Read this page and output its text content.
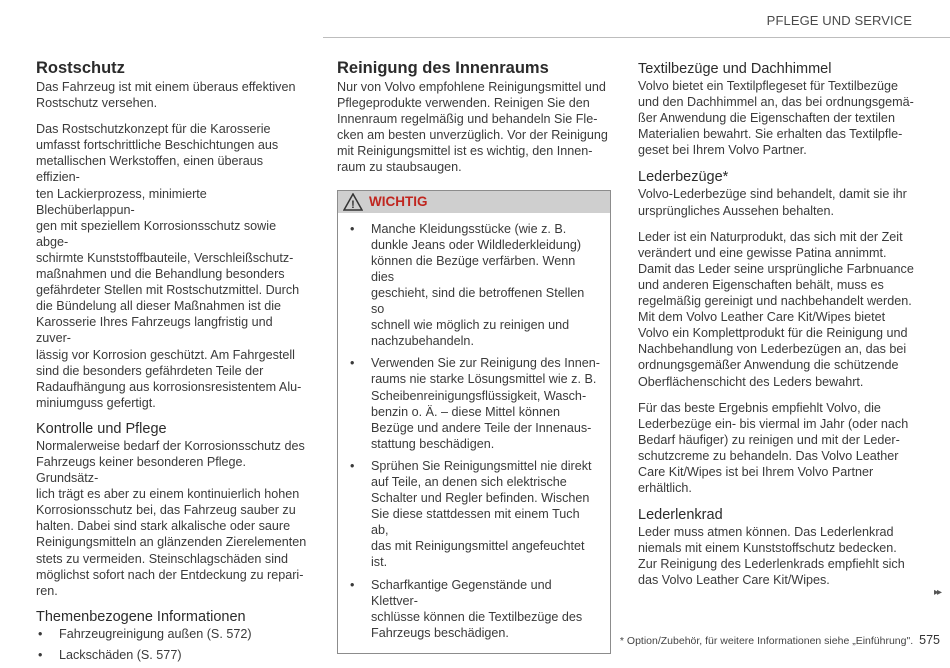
PFLEGE UND SERVICE
Rostschutz
Das Fahrzeug ist mit einem überaus effektiven
Rostschutz versehen.
Das Rostschutzkonzept für die Karosserie
umfasst fortschrittliche Beschichtungen aus
metallischen Werkstoffen, einen überaus effizien-
ten Lackierprozess, minimierte Blechüberlappun-
gen mit speziellem Korrosionsschutz sowie abge-
schirmte Kunststoffbauteile, Verschleißschutz-
maßnahmen und die Behandlung besonders
gefährdeter Stellen mit Rostschutzmittel. Durch
die Bündelung all dieser Maßnahmen ist die
Karosserie Ihres Fahrzeugs langfristig und zuver-
lässig vor Korrosion geschützt. Am Fahrgestell
sind die besonders gefährdeten Teile der
Radaufhängung aus korrosionsresistentem Alu-
miniumguss gefertigt.
Kontrolle und Pflege
Normalerweise bedarf der Korrosionsschutz des
Fahrzeugs keiner besonderen Pflege. Grundsätz-
lich trägt es aber zu einem kontinuierlich hohen
Korrosionsschutz bei, das Fahrzeug sauber zu
halten. Dabei sind stark alkalische oder saure
Reinigungsmitteln an glänzenden Zierelementen
stets zu vermeiden. Steinschlagschäden sind
möglichst sofort nach der Entdeckung zu repari-
ren.
Themenbezogene Informationen
• Fahrzeugreinigung außen (S. 572)
• Lackschäden (S. 577)
Reinigung des Innenraums
Nur von Volvo empfohlene Reinigungsmittel und
Pflegeprodukte verwenden. Reinigen Sie den
Innenraum regelmäßig und behandeln Sie Fle-
cken am besten unverzüglich. Vor der Reinigung
mit Reinigungsmittel ist es wichtig, den Innen-
raum zu staubsaugen.
! WICHTIG
• Manche Kleidungsstücke (wie z. B.
dunkle Jeans oder Wildlederkleidung)
können die Bezüge verfärben. Wenn dies
geschieht, sind die betroffenen Stellen so
schnell wie möglich zu reinigen und
nachzubehandeln.
• Verwenden Sie zur Reinigung des Innen-
raums nie starke Lösungsmittel wie z. B.
Scheibenreinigungsflüssigkeit, Wasch-
benzin o. Ä. – diese Mittel können
Bezüge und andere Teile der Innenaus-
stattung beschädigen.
• Sprühen Sie Reinigungsmittel nie direkt
auf Teile, an denen sich elektrische
Schalter und Regler befinden. Wischen
Sie diese stattdessen mit einem Tuch ab,
das mit Reinigungsmittel angefeuchtet
ist.
• Scharfkantige Gegenstände und Klettver-
schlüsse können die Textilbezüge des
Fahrzeugs beschädigen.
Textilbezüge und Dachhimmel
Volvo bietet ein Textilpflegeset für Textilbezüge
und den Dachhimmel an, das bei ordnungsgemä-
ßer Anwendung die Eigenschaften der textilen
Materialien bewahrt. Sie erhalten das Textilpfle-
geset bei Ihrem Volvo Partner.
Lederbezüge*
Volvo-Lederbezüge sind behandelt, damit sie ihr
ursprüngliches Aussehen behalten.
Leder ist ein Naturprodukt, das sich mit der Zeit
verändert und eine gewisse Patina annimmt.
Damit das Leder seine ursprüngliche Farbnuance
und anderen Eigenschaften behält, muss es
regelmäßig gereinigt und nachbehandelt werden.
Mit dem Volvo Leather Care Kit/Wipes bietet
Volvo ein Komplettprodukt für die Reinigung und
Nachbehandlung von Lederbezügen an, das bei
ordnungsgemäßer Anwendung die schützende
Oberflächenschicht des Leders bewahrt.
Für das beste Ergebnis empfiehlt Volvo, die
Lederbezüge ein- bis viermal im Jahr (oder nach
Bedarf häufiger) zu reinigen und mit der Leder-
schutzcreme zu behandeln. Das Volvo Leather
Care Kit/Wipes ist bei Ihrem Volvo Partner
erhältlich.
Lederlenkrad
Leder muss atmen können. Das Lederlenkrad
niemals mit einem Kunststoffschutz bedecken.
Zur Reinigung des Lederlenkrads empfiehlt sich
das Volvo Leather Care Kit/Wipes.
▸▸
* Option/Zubehör, für weitere Informationen siehe „Einführung". 575
